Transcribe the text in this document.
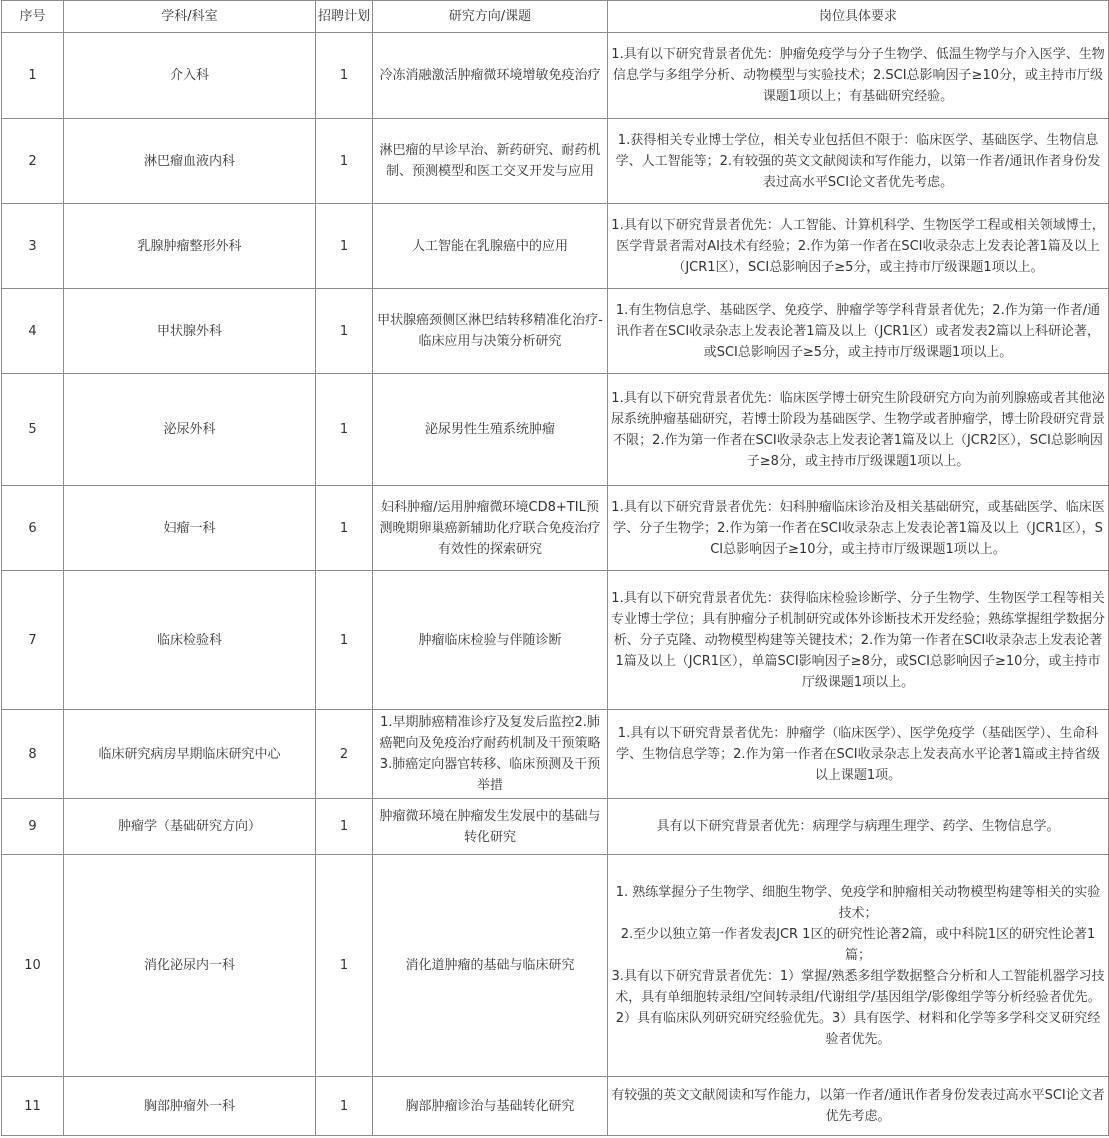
序号	学科/科室	招聘计划	研究方向/课题	岗位具体要求
1	介入科	1	冷冻消融激活肿瘤微环境增敏免疫治疗	1.具有以下研究背景者优先：肿瘤免疫学与分子生物学、低温生物学与介入医学、生物信息学与多组学分析、动物模型与实验技术；2.SCI总影响因子≥10分，或主持市厅级课题1项以上；有基础研究经验。
2	淋巴瘤血液内科	1	淋巴瘤的早诊早治、新药研究、耐药机制、预测模型和医工交叉开发与应用	1.获得相关专业博士学位，相关专业包括但不限于：临床医学、基础医学、生物信息学、人工智能等；2.有较强的英文文献阅读和写作能力，以第一作者/通讯作者身份发表过高水平SCI论文者优先考虑。
3	乳腺肿瘤整形外科	1	人工智能在乳腺癌中的应用	1.具有以下研究背景者优先：人工智能、计算机科学、生物医学工程或相关领域博士，医学背景者需对AI技术有经验；2.作为第一作者在SCI收录杂志上发表论著1篇及以上（JCR1区），SCI总影响因子≥5分，或主持市厅级课题1项以上。
4	甲状腺外科	1	甲状腺癌颈侧区淋巴结转移精准化治疗-临床应用与决策分析研究	1.有生物信息学、基础医学、免疫学、肿瘤学等学科背景者优先；2.作为第一作者/通讯作者在SCI收录杂志上发表论著1篇及以上（JCR1区）或者发表2篇以上科研论著，或SCI总影响因子≥5分，或主持市厅级课题1项以上。
5	泌尿外科	1	泌尿男性生殖系统肿瘤	1.具有以下研究背景者优先：临床医学博士研究生阶段研究方向为前列腺癌或者其他泌尿系统肿瘤基础研究，若博士阶段为基础医学、生物学或者肿瘤学，博士阶段研究背景不限；2.作为第一作者在SCI收录杂志上发表论著1篇及以上（JCR2区），SCI总影响因子≥8分，或主持市厅级课题1项以上。
6	妇瘤一科	1	妇科肿瘤/运用肿瘤微环境CD8+TIL预测晚期卵巢癌新辅助化疗联合免疫治疗有效性的探索研究	1.具有以下研究背景者优先：妇科肿瘤临床诊治及相关基础研究，或基础医学、临床医学、分子生物学；2.作为第一作者在SCI收录杂志上发表论著1篇及以上（JCR1区），SCI总影响因子≥10分，或主持市厅级课题1项以上。
7	临床检验科	1	肿瘤临床检验与伴随诊断	1.具有以下研究背景者优先：获得临床检验诊断学、分子生物学、生物医学工程等相关专业博士学位；具有肿瘤分子机制研究或体外诊断技术开发经验；熟练掌握组学数据分析、分子克隆、动物模型构建等关键技术；2.作为第一作者在SCI收录杂志上发表论著1篇及以上（JCR1区），单篇SCI影响因子≥8分，或SCI总影响因子≥10分，或主持市厅级课题1项以上。
8	临床研究病房早期临床研究中心	2	1.早期肺癌精准诊疗及复发后监控2.肺癌靶向及免疫治疗耐药机制及干预策略3.肺癌定向器官转移、临床预测及干预举措	1.具有以下研究背景者优先：肿瘤学（临床医学）、医学免疫学（基础医学）、生命科学、生物信息学等；2.作为第一作者在SCI收录杂志上发表高水平论著1篇或主持省级以上课题1项。
9	肿瘤学（基础研究方向）	1	肿瘤微环境在肿瘤发生发展中的基础与转化研究	具有以下研究背景者优先：病理学与病理生理学、药学、生物信息学。
10	消化泌尿内一科	1	消化道肿瘤的基础与临床研究	1. 熟练掌握分子生物学、细胞生物学、免疫学和肿瘤相关动物模型构建等相关的实验技术；
2.至少以独立第一作者发表JCR 1区的研究性论著2篇，或中科院1区的研究性论著1篇；
3.具有以下研究背景者优先：1）掌握/熟悉多组学数据整合分析和人工智能机器学习技术，具有单细胞转录组/空间转录组/代谢组学/基因组学/影像组学等分析经验者优先。2）具有临床队列研究研究经验优先。3）具有医学、材料和化学等多学科交叉研究经验者优先。

11	胸部肿瘤外一科	1	胸部肿瘤诊治与基础转化研究	有较强的英文文献阅读和写作能力，以第一作者/通讯作者身份发表过高水平SCI论文者优先考虑。
